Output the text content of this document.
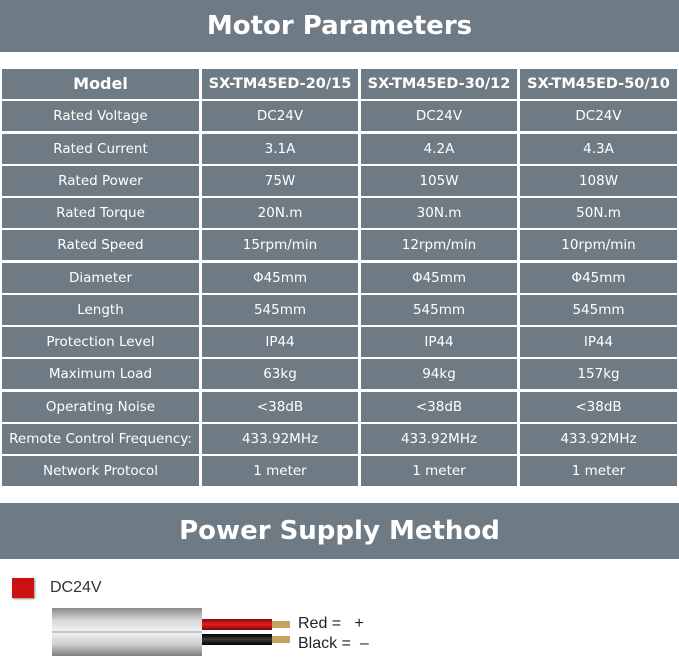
Motor Parameters
Model	SX-TM45ED-20/15	SX-TM45ED-30/12	SX-TM45ED-50/10
Rated Voltage	DC24V	DC24V	DC24V
Rated Current	3.1A	4.2A	4.3A
Rated Power	75W	105W	108W
Rated Torque	20N.m	30N.m	50N.m
Rated Speed	15rpm/min	12rpm/min	10rpm/min
Diameter	Φ45mm	Φ45mm	Φ45mm
Length	545mm	545mm	545mm
Protection Level	IP44	IP44	IP44
Maximum Load	63kg	94kg	157kg
Operating Noise	<38dB	<38dB	<38dB
Remote Control Frequency:	433.92MHz	433.92MHz	433.92MHz
Network Protocol	1 meter	1 meter	1 meter
Power Supply Method
DC24V
Red = +
Black = –
